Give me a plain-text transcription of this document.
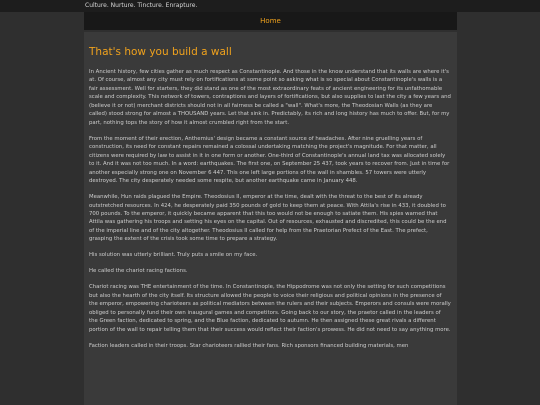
Culture. Nurture. Tincture. Enrapture.
Home
That's how you build a wall

In Ancient history, few cities gather as much respect as Constantinople. And those in the know understand that its walls are where it's at. Of course, almost any city must rely on fortifications at some point so asking what is so special about Constantinople's walls is a fair assessment. Well for starters, they did stand as one of the most extraordinary feats of ancient engineering for its unfathomable scale and complexity. This network of towers, contraptions and layers of fortifications, but also supplies to last the city a few years and (believe it or not) merchant districts should not in all fairness be called a "wall". What's more, the Theodosian Walls (as they are called) stood strong for almost a THOUSAND years. Let that sink in. Predictably, its rich and long history has much to offer. But, for my part, nothing tops the story of how it almost crumbled right from the start.

From the moment of their erection, Anthemius' design became a constant source of headaches. After nine gruelling years of construction, its need for constant repairs remained a colossal undertaking matching the project's magnitude. For that matter, all citizens were required by law to assist in it in one form or another. One-third of Constantinople's annual land tax was allocated solely to it. And it was not too much. In a word: earthquakes. The first one, on September 25 437, took years to recover from. Just in time for another especially strong one on November 6 447. This one left large portions of the wall in shambles. 57 towers were utterly destroyed. The city desperately needed some respite, but another earthquake came in January 448.

Meanwhile, Hun raids plagued the Empire. Theodosius II, emperor at the time, dealt with the threat to the best of its already outstretched resources. In 424, he desperately paid 350 pounds of gold to keep them at peace. With Attila's rise in 433, it doubled to 700 pounds. To the emperor, it quickly became apparent that this too would not be enough to satiate them. His spies warned that Attila was gathering his troops and setting his eyes on the capital. Out of resources, exhausted and discredited, this could be the end of the imperial line and of the city altogether. Theodosius II called for help from the Praetorian Prefect of the East. The prefect, grasping the extent of the crisis took some time to prepare a strategy.

His solution was utterly brilliant. Truly puts a smile on my face.

He called the chariot racing factions.

Chariot racing was THE entertainment of the time. In Constantinople, the Hippodrome was not only the setting for such competitions but also the hearth of the city itself. Its structure allowed the people to voice their religious and political opinions in the presence of the emperor, empowering charioteers as political mediators between the rulers and their subjects. Emperors and consuls were morally obliged to personally fund their own inaugural games and competitors. Going back to our story, the praetor called in the leaders of the Green faction, dedicated to spring, and the Blue faction, dedicated to autumn. He then assigned these great rivals a different portion of the wall to repair telling them that their success would reflect their faction's prowess. He did not need to say anything more.

Faction leaders called in their troops. Star charioteers rallied their fans. Rich sponsors financed building materials, men
